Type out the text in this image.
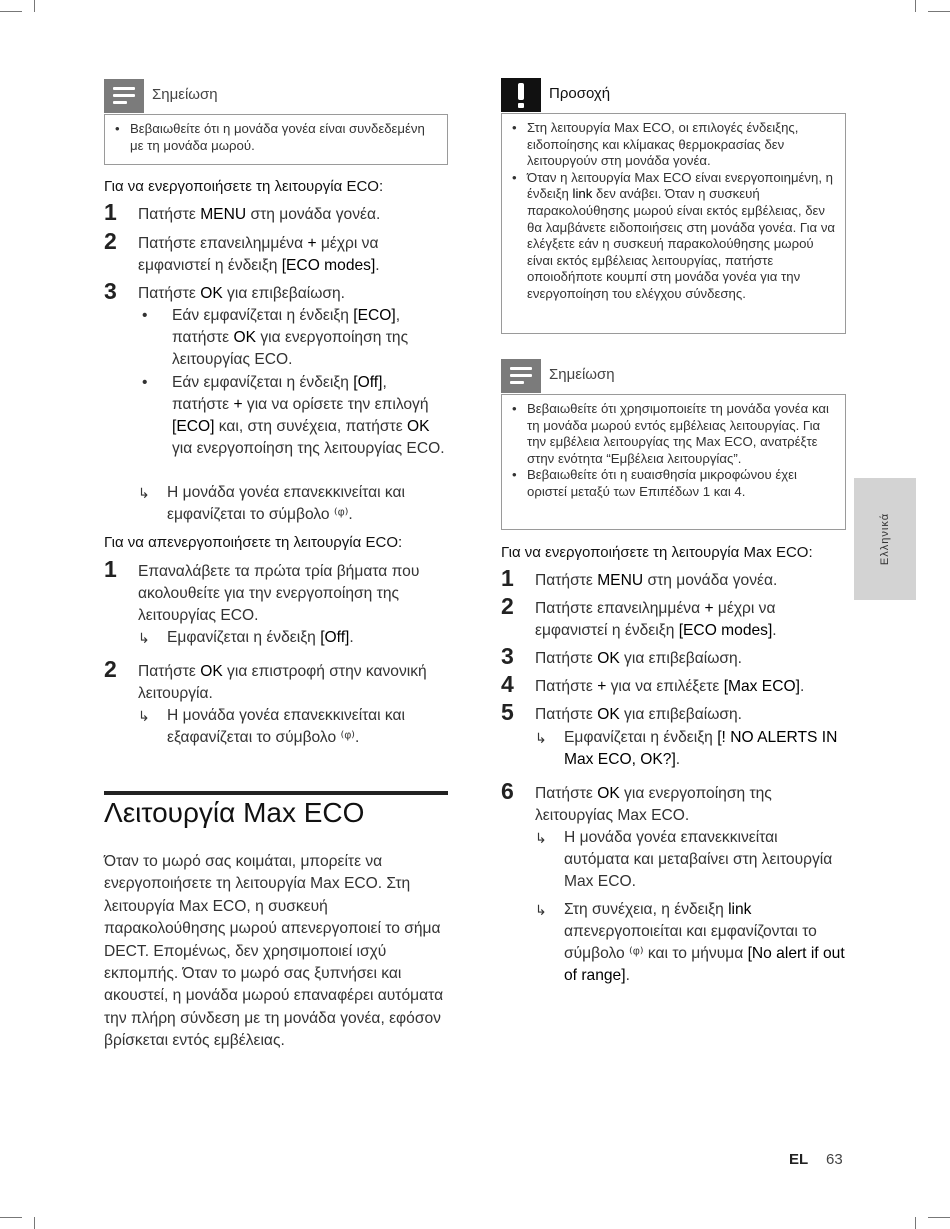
Σημείωση
• Βεβαιωθείτε ότι η μονάδα γονέα είναι συνδεδεμένη με τη μονάδα μωρού.
Για να ενεργοποιήσετε τη λειτουργία ECO:
1 Πατήστε MENU στη μονάδα γονέα.
2 Πατήστε επανειλημμένα + μέχρι να εμφανιστεί η ένδειξη [ECO modes].
3 Πατήστε OK για επιβεβαίωση.
• Εάν εμφανίζεται η ένδειξη [ECO], πατήστε OK για ενεργοποίηση της λειτουργίας ECO.
• Εάν εμφανίζεται η ένδειξη [Off], πατήστε + για να ορίσετε την επιλογή [ECO] και, στη συνέχεια, πατήστε OK για ενεργοποίηση της λειτουργίας ECO.
↳ Η μονάδα γονέα επανεκκινείται και εμφανίζεται το σύμβολο ⁽ᵠ⁾.
Για να απενεργοποιήσετε τη λειτουργία ECO:
1 Επαναλάβετε τα πρώτα τρία βήματα που ακολουθείτε για την ενεργοποίηση της λειτουργίας ECO.
↳ Εμφανίζεται η ένδειξη [Off].
2 Πατήστε OK για επιστροφή στην κανονική λειτουργία.
↳ Η μονάδα γονέα επανεκκινείται και εξαφανίζεται το σύμβολο ⁽ᵠ⁾.
Λειτουργία Max ECO
Όταν το μωρό σας κοιμάται, μπορείτε να ενεργοποιήσετε τη λειτουργία Max ECO. Στη λειτουργία Max ECO, η συσκευή παρακολούθησης μωρού απενεργοποιεί το σήμα DECT. Επομένως, δεν χρησιμοποιεί ισχύ εκπομπής. Όταν το μωρό σας ξυπνήσει και ακουστεί, η μονάδα μωρού επαναφέρει αυτόματα την πλήρη σύνδεση με τη μονάδα γονέα, εφόσον βρίσκεται εντός εμβέλειας.
Προσοχή
• Στη λειτουργία Max ECO, οι επιλογές ένδειξης, ειδοποίησης και κλίμακας θερμοκρασίας δεν λειτουργούν στη μονάδα γονέα.
• Όταν η λειτουργία Max ECO είναι ενεργοποιημένη, η ένδειξη link δεν ανάβει. Όταν η συσκευή παρακολούθησης μωρού είναι εκτός εμβέλειας, δεν θα λαμβάνετε ειδοποιήσεις στη μονάδα γονέα. Για να ελέγξετε εάν η συσκευή παρακολούθησης μωρού είναι εκτός εμβέλειας λειτουργίας, πατήστε οποιοδήποτε κουμπί στη μονάδα γονέα για την ενεργοποίηση του ελέγχου σύνδεσης.
Σημείωση
• Βεβαιωθείτε ότι χρησιμοποιείτε τη μονάδα γονέα και τη μονάδα μωρού εντός εμβέλειας λειτουργίας. Για την εμβέλεια λειτουργίας της Max ECO, ανατρέξτε στην ενότητα “Εμβέλεια λειτουργίας”.
• Βεβαιωθείτε ότι η ευαισθησία μικροφώνου έχει οριστεί μεταξύ των Επιπέδων 1 και 4.
Για να ενεργοποιήσετε τη λειτουργία Max ECO:
1 Πατήστε MENU στη μονάδα γονέα.
2 Πατήστε επανειλημμένα + μέχρι να εμφανιστεί η ένδειξη [ECO modes].
3 Πατήστε OK για επιβεβαίωση.
4 Πατήστε + για να επιλέξετε [Max ECO].
5 Πατήστε OK για επιβεβαίωση.
↳ Εμφανίζεται η ένδειξη [! NO ALERTS IN Max ECO, OK?].
6 Πατήστε OK για ενεργοποίηση της λειτουργίας Max ECO.
↳ Η μονάδα γονέα επανεκκινείται αυτόματα και μεταβαίνει στη λειτουργία Max ECO.
↳ Στη συνέχεια, η ένδειξη link απενεργοποιείται και εμφανίζονται το σύμβολο ⁽ᵠ⁾ και το μήνυμα [No alert if out of range].
Ελληνικά
EL 63
